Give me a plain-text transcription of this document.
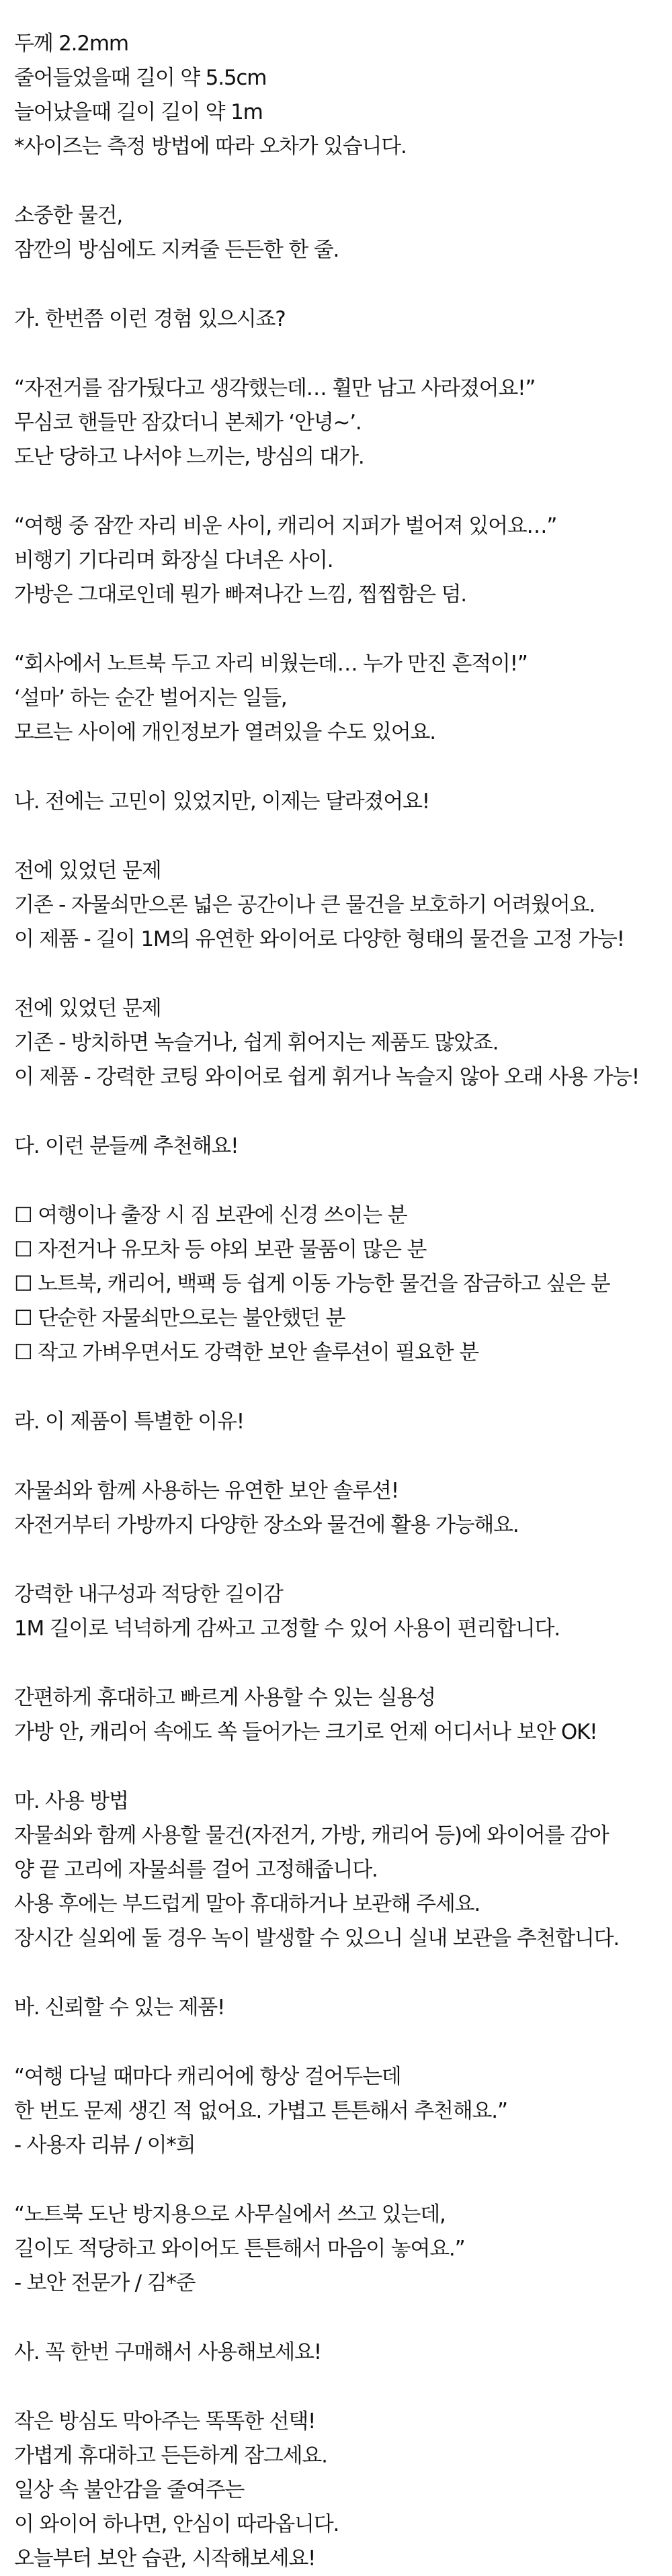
두께 2.2mm
줄어들었을때 길이 약 5.5cm
늘어났을때 길이 길이 약 1m
*사이즈는 측정 방법에 따라 오차가 있습니다.
소중한 물건,
잠깐의 방심에도 지켜줄 든든한 한 줄.
가. 한번쯤 이런 경험 있으시죠?
“자전거를 잠가뒀다고 생각했는데… 휠만 남고 사라졌어요!”
무심코 핸들만 잠갔더니 본체가 ‘안녕~’.
도난 당하고 나서야 느끼는, 방심의 대가.
“여행 중 잠깐 자리 비운 사이, 캐리어 지퍼가 벌어져 있어요…”
비행기 기다리며 화장실 다녀온 사이.
가방은 그대로인데 뭔가 빠져나간 느낌, 찝찝함은 덤.
“회사에서 노트북 두고 자리 비웠는데… 누가 만진 흔적이!”
‘설마’ 하는 순간 벌어지는 일들,
모르는 사이에 개인정보가 열려있을 수도 있어요.
나. 전에는 고민이 있었지만, 이제는 달라졌어요!
전에 있었던 문제
기존 - 자물쇠만으론 넓은 공간이나 큰 물건을 보호하기 어려웠어요.
이 제품 - 길이 1M의 유연한 와이어로 다양한 형태의 물건을 고정 가능!
전에 있었던 문제
기존 - 방치하면 녹슬거나, 쉽게 휘어지는 제품도 많았죠.
이 제품 - 강력한 코팅 와이어로 쉽게 휘거나 녹슬지 않아 오래 사용 가능!
다. 이런 분들께 추천해요!
☐ 여행이나 출장 시 짐 보관에 신경 쓰이는 분
☐ 자전거나 유모차 등 야외 보관 물품이 많은 분
☐ 노트북, 캐리어, 백팩 등 쉽게 이동 가능한 물건을 잠금하고 싶은 분
☐ 단순한 자물쇠만으로는 불안했던 분
☐ 작고 가벼우면서도 강력한 보안 솔루션이 필요한 분
라. 이 제품이 특별한 이유!
자물쇠와 함께 사용하는 유연한 보안 솔루션!
자전거부터 가방까지 다양한 장소와 물건에 활용 가능해요.
강력한 내구성과 적당한 길이감
1M 길이로 넉넉하게 감싸고 고정할 수 있어 사용이 편리합니다.
간편하게 휴대하고 빠르게 사용할 수 있는 실용성
가방 안, 캐리어 속에도 쏙 들어가는 크기로 언제 어디서나 보안 OK!
마. 사용 방법
자물쇠와 함께 사용할 물건(자전거, 가방, 캐리어 등)에 와이어를 감아
양 끝 고리에 자물쇠를 걸어 고정해줍니다.
사용 후에는 부드럽게 말아 휴대하거나 보관해 주세요.
장시간 실외에 둘 경우 녹이 발생할 수 있으니 실내 보관을 추천합니다.
바. 신뢰할 수 있는 제품!
“여행 다닐 때마다 캐리어에 항상 걸어두는데
한 번도 문제 생긴 적 없어요. 가볍고 튼튼해서 추천해요.”
- 사용자 리뷰 / 이*희
“노트북 도난 방지용으로 사무실에서 쓰고 있는데,
길이도 적당하고 와이어도 튼튼해서 마음이 놓여요.”
- 보안 전문가 / 김*준
사. 꼭 한번 구매해서 사용해보세요!
작은 방심도 막아주는 똑똑한 선택!
가볍게 휴대하고 든든하게 잠그세요.
일상 속 불안감을 줄여주는
이 와이어 하나면, 안심이 따라옵니다.
오늘부터 보안 습관, 시작해보세요!
